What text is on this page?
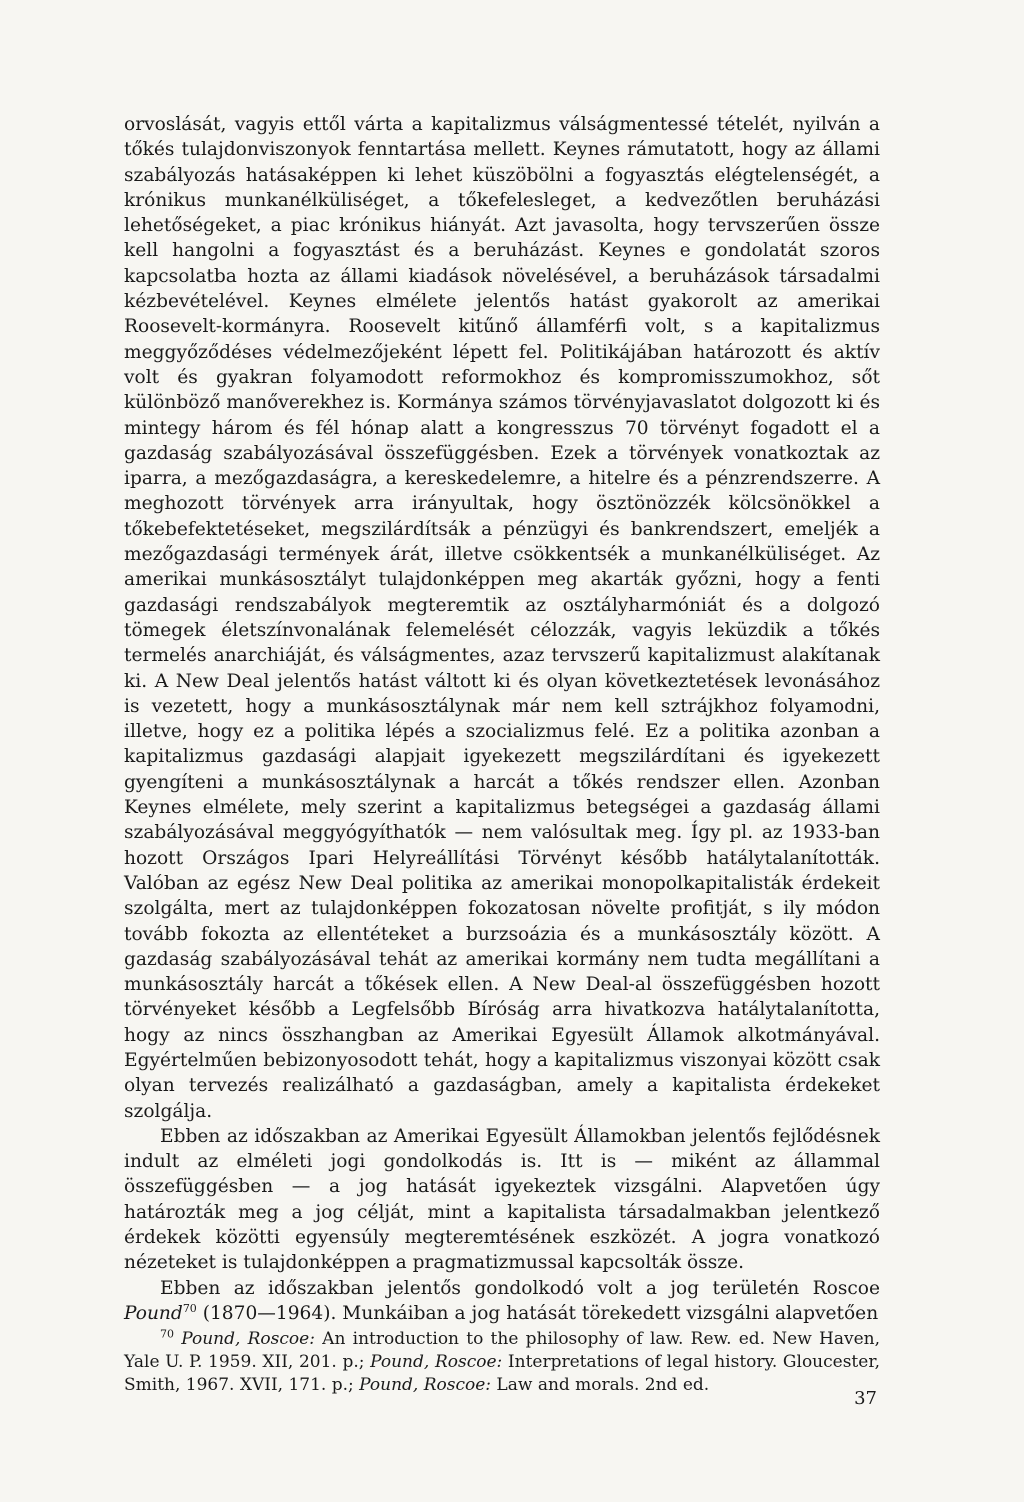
orvoslását, vagyis ettől várta a kapitalizmus válságmentessé tételét, nyilván a tőkés tulajdonviszonyok fenntartása mellett. Keynes rámutatott, hogy az állami szabályozás hatásaképpen ki lehet küszöbölni a fogyasztás elégtelenségét, a krónikus munkanélküliséget, a tőkefelesleget, a kedvezőtlen beruházási lehetőségeket, a piac krónikus hiányát. Azt javasolta, hogy tervszerűen össze kell hangolni a fogyasztást és a beruházást. Keynes e gondolatát szoros kapcsolatba hozta az állami kiadások növelésével, a beruházások társadalmi kézbevételével. Keynes elmélete jelentős hatást gyakorolt az amerikai Roosevelt-kormányra. Roosevelt kitűnő államférfi volt, s a kapitalizmus meggyőződéses védelmezőjeként lépett fel. Politikájában határozott és aktív volt és gyakran folyamodott reformokhoz és kompromisszumokhoz, sőt különböző manőverekhez is. Kormánya számos törvényjavaslatot dolgozott ki és mintegy három és fél hónap alatt a kongresszus 70 törvényt fogadott el a gazdaság szabályozásával összefüggésben. Ezek a törvények vonatkoztak az iparra, a mezőgazdaságra, a kereskedelemre, a hitelre és a pénzrendszerre. A meghozott törvények arra irányultak, hogy ösztönözzék kölcsönökkel a tőkebefektetéseket, megszilárdítsák a pénzügyi és bankrendszert, emeljék a mezőgazdasági termények árát, illetve csökkentsék a munkanélküliséget. Az amerikai munkásosztályt tulajdonképpen meg akarták győzni, hogy a fenti gazdasági rendszabályok megteremtik az osztályharmóniát és a dolgozó tömegek életszínvonalának felemelését célozzák, vagyis leküzdik a tőkés termelés anarchiáját, és válságmentes, azaz tervszerű kapitalizmust alakítanak ki. A New Deal jelentős hatást váltott ki és olyan következtetések levonásához is vezetett, hogy a munkásosztálynak már nem kell sztrájkhoz folyamodni, illetve, hogy ez a politika lépés a szocializmus felé. Ez a politika azonban a kapitalizmus gazdasági alapjait igyekezett megszilárdítani és igyekezett gyengíteni a munkásosztálynak a harcát a tőkés rendszer ellen. Azonban Keynes elmélete, mely szerint a kapitalizmus betegségei a gazdaság állami szabályozásával meggyógyíthatók — nem valósultak meg. Így pl. az 1933-ban hozott Országos Ipari Helyreállítási Törvényt később hatálytalanították. Valóban az egész New Deal politika az amerikai monopolkapitalisták érdekeit szolgálta, mert az tulajdonképpen fokozatosan növelte profitját, s ily módon tovább fokozta az ellentéteket a burzsoázia és a munkásosztály között. A gazdaság szabályozásával tehát az amerikai kormány nem tudta megállítani a munkásosztály harcát a tőkések ellen. A New Deal-al összefüggésben hozott törvényeket később a Legfelsőbb Bíróság arra hivatkozva hatálytalanította, hogy az nincs összhangban az Amerikai Egyesült Államok alkotmányával. Egyértelműen bebizonyosodott tehát, hogy a kapitalizmus viszonyai között csak olyan tervezés realizálható a gazdaságban, amely a kapitalista érdekeket szolgálja.

Ebben az időszakban az Amerikai Egyesült Államokban jelentős fejlődésnek indult az elméleti jogi gondolkodás is. Itt is — miként az állammal összefüggésben — a jog hatását igyekeztek vizsgálni. Alapvetően úgy határozták meg a jog célját, mint a kapitalista társadalmakban jelentkező érdekek közötti egyensúly megteremtésének eszközét. A jogra vonatkozó nézeteket is tulajdonképpen a pragmatizmussal kapcsolták össze.

Ebben az időszakban jelentős gondolkodó volt a jog területén Roscoe Pound$^{70}$ (1870—1964). Munkáiban a jog hatását törekedett vizsgálni alapvetően

$^{70}$ Pound, Roscoe: An introduction to the philosophy of law. Rew. ed. New Haven, Yale U. P. 1959. XII, 201. p.; Pound, Roscoe: Interpretations of legal history. Gloucester, Smith, 1967. XVII, 171. p.; Pound, Roscoe: Law and morals. 2nd ed.

37
